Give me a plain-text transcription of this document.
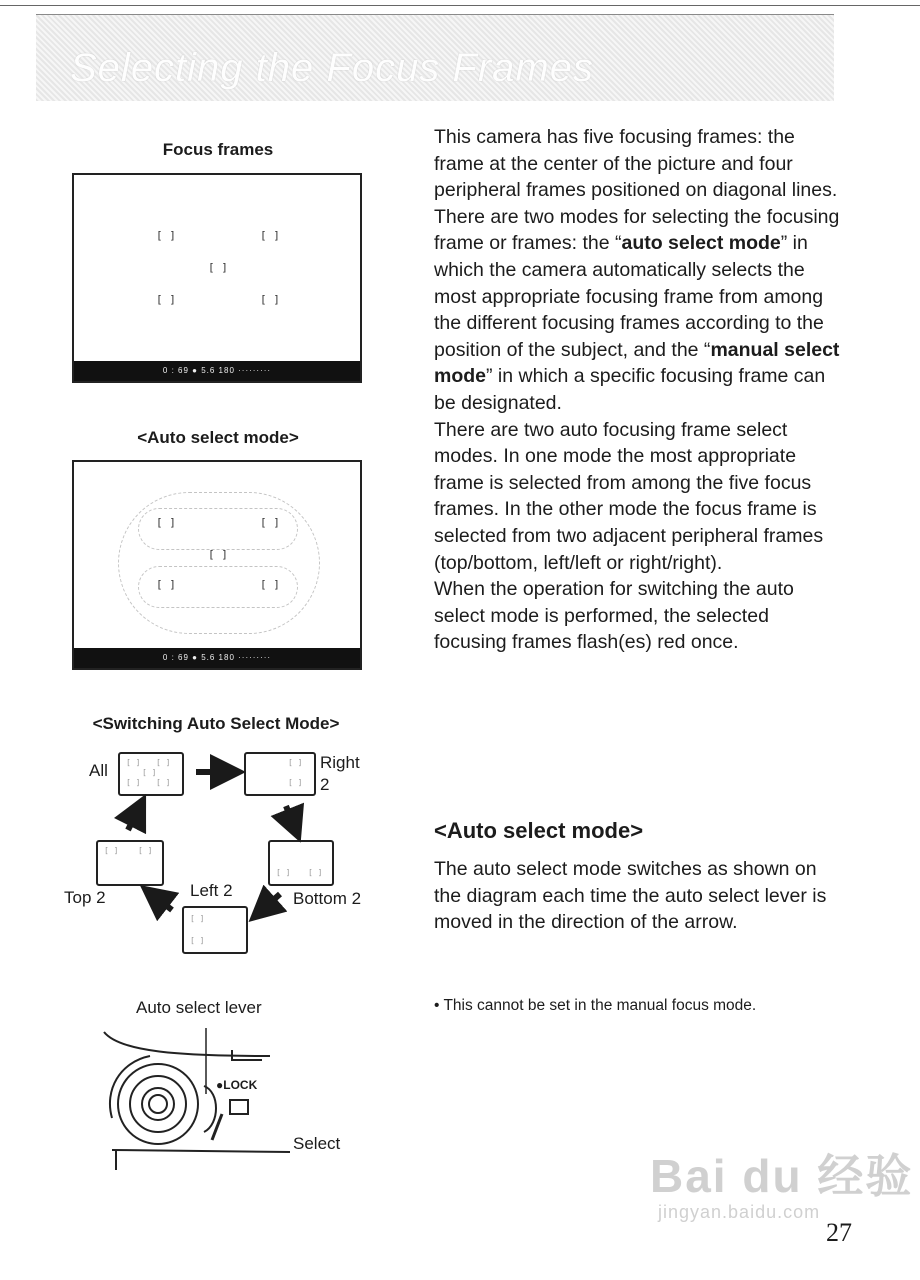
Selecting the Focus Frames
Focus frames
[ ]	[ ]
[ ]
[ ]	[ ]
0 : 69 ● 5.6 180 ·········
<Auto select mode>
[ ]	[ ]
[ ]
[ ]	[ ]
0 : 69 ● 5.6 180 ·········
<Switching Auto Select Mode>
All [ ] [ ]
[ ]
[ ] [ ]
[ ]
[ ]
Right
2
[ ] [ ]
Bottom 2
[ ] [ ]
Top 2	Left 2
[ ]
[ ]
Auto select lever
●LOCK
Select

This camera has five focusing frames: the frame at the center of the picture and four peripheral frames positioned on diagonal lines. There are two modes for selecting the focusing frame or frames: the “auto select mode” in which the camera automatically selects the most appropriate focusing frame from among the different focusing frames according to the position of the subject, and the “manual select mode” in which a specific focusing frame can be designated.

There are two auto focusing frame select modes. In one mode the most appropriate frame is selected from among the five focus frames. In the other mode the focus frame is selected from two adjacent peripheral frames (top/bottom, left/left or right/right).

When the operation for switching the auto select mode is performed, the selected focusing frames flash(es) red once.

<Auto select mode>
The auto select mode switches as shown on the diagram each time the auto select lever is moved in the direction of the arrow.
• This cannot be set in the manual focus mode.
Bai du 经验
jingyan.baidu.com
27
